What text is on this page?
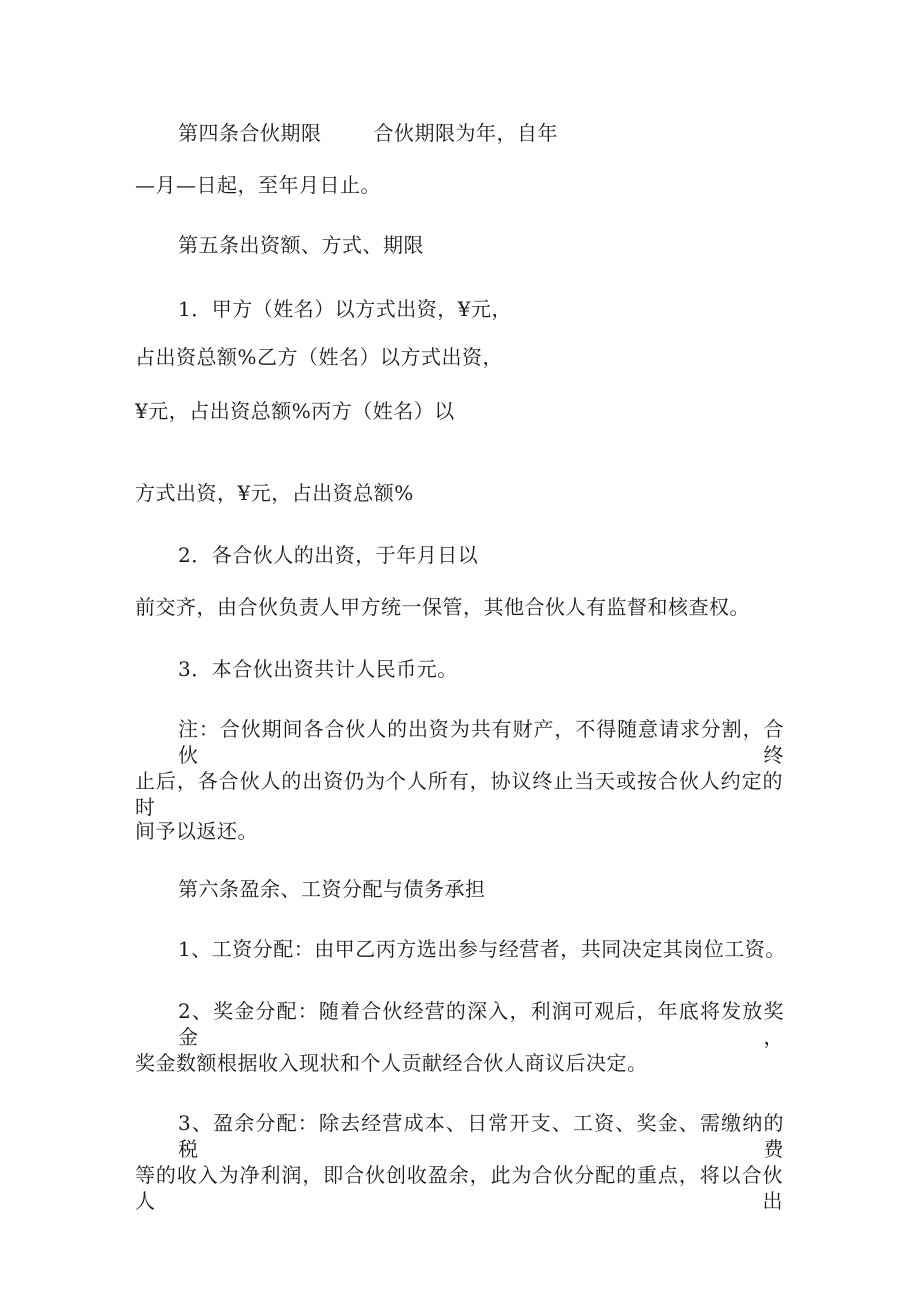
第四条合伙期限	合伙期限为年，自年
—月—日起，至年月日止。
第五条出资额、方式、期限
1．甲方（姓名）以方式出资，¥元，
占出资总额%乙方（姓名）以方式出资，
¥元，占出资总额%丙方（姓名）以
方式出资，¥元，占出资总额%
2．各合伙人的出资，于年月日以
前交齐，由合伙负责人甲方统一保管，其他合伙人有监督和核查权。
3．本合伙出资共计人民币元。
注：合伙期间各合伙人的出资为共有财产，不得随意请求分割，合伙终
止后，各合伙人的出资仍为个人所有，协议终止当天或按合伙人约定的时
间予以返还。
第六条盈余、工资分配与债务承担
1、工资分配：由甲乙丙方选出参与经营者，共同决定其岗位工资。
2、奖金分配：随着合伙经营的深入，利润可观后，年底将发放奖金，
奖金数额根据收入现状和个人贡献经合伙人商议后决定。
3、盈余分配：除去经营成本、日常开支、工资、奖金、需缴纳的税费
等的收入为净利润，即合伙创收盈余，此为合伙分配的重点，将以合伙人出
